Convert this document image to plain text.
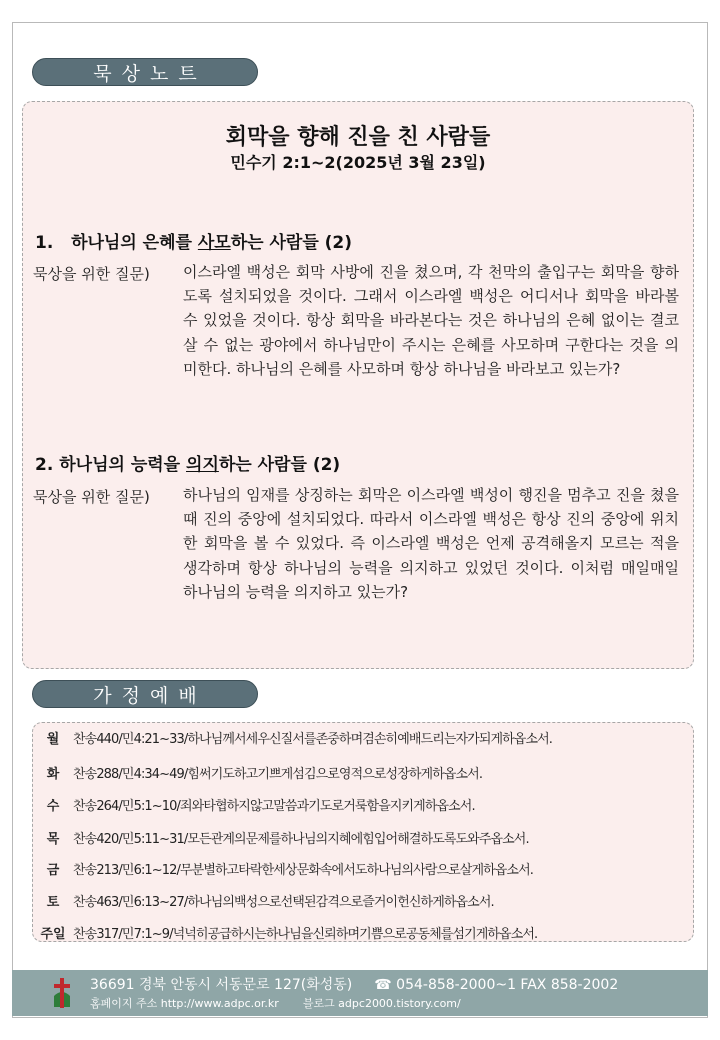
묵상노트
회막을 향해 진을 친 사람들
민수기 2:1~2(2025년 3월 23일)
1. 하나님의 은혜를 사모하는 사람들 (2)
묵상을 위한 질문) 이스라엘 백성은 회막 사방에 진을 쳤으며, 각 천막의 출입구는 회막을 향하도록 설치되었을 것이다. 그래서 이스라엘 백성은 어디서나 회막을 바라볼 수 있었을 것이다. 항상 회막을 바라본다는 것은 하나님의 은혜 없이는 결코 살 수 없는 광야에서 하나님만이 주시는 은혜를 사모하며 구한다는 것을 의미한다. 하나님의 은혜를 사모하며 항상 하나님을 바라보고 있는가?
2. 하나님의 능력을 의지하는 사람들 (2)
묵상을 위한 질문) 하나님의 임재를 상징하는 회막은 이스라엘 백성이 행진을 멈추고 진을 쳤을 때 진의 중앙에 설치되었다. 따라서 이스라엘 백성은 항상 진의 중앙에 위치한 회막을 볼 수 있었다. 즉 이스라엘 백성은 언제 공격해올지 모르는 적을 생각하며 항상 하나님의 능력을 의지하고 있었던 것이다. 이처럼 매일매일 하나님의 능력을 의지하고 있는가?
가정예배
월	찬송440/민4:21~33/하나님께서세우신질서를존중하며겸손히예배드리는자가되게하옵소서.
화	찬송288/민4:34~49/힘써기도하고기쁘게섬김으로영적으로성장하게하옵소서.
수	찬송264/민5:1~10/죄와타협하지않고말씀과기도로거룩함을지키게하옵소서.
목	찬송420/민5:11~31/모든관계의문제를하나님의지혜에힘입어해결하도록도와주옵소서.
금	찬송213/민6:1~12/무분별하고타락한세상문화속에서도하나님의사람으로살게하옵소서.
토	찬송463/민6:13~27/하나님의백성으로선택된감격으로즐거이헌신하게하옵소서.
주일 찬송317/민7:1~9/넉넉히공급하시는하나님을신뢰하며기쁨으로공동체를섬기게하옵소서.
36691 경북 안동시 서동문로 127(화성동) ☎ 054-858-2000~1 FAX 858-2002
홈페이지 주소 http://www.adpc.or.kr 블로그 adpc2000.tistory.com/
